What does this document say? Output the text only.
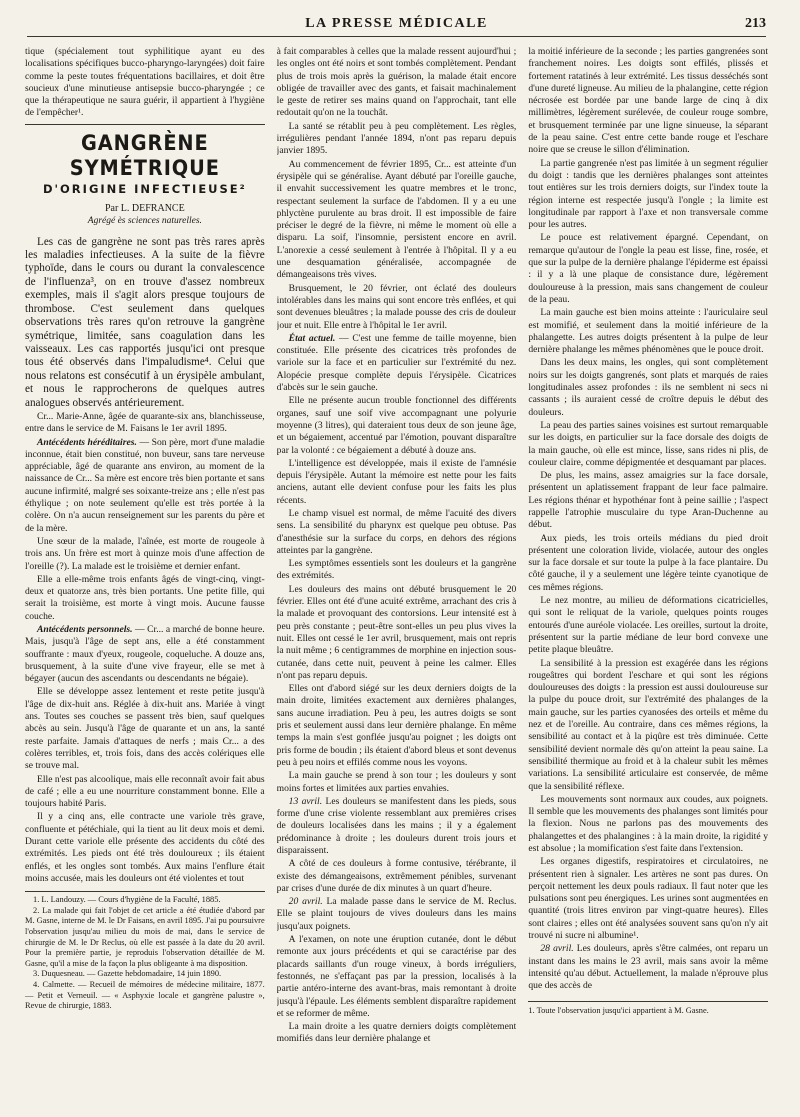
LA PRESSE MÉDICALE	213

tique (spécialement tout syphilitique ayant eu des localisations spécifiques bucco-pharyngo-laryngées) doit faire comme la peste toutes fréquentations bacillaires, et doit être soucieux d'une minutieuse antisepsie bucco-pharyngée ; ce que la thérapeutique ne saura guérir, il appartient à l'hygiène de l'empêcher¹.

GANGRÈNE SYMÉTRIQUE
D'ORIGINE INFECTIEUSE²
Par L. DEFRANCE
Agrégé ès sciences naturelles.

Les cas de gangrène ne sont pas très rares après les maladies infectieuses. A la suite de la fièvre typhoïde, dans le cours ou durant la convalescence de l'influenza³, on en trouve d'assez nombreux exemples, mais il s'agit alors presque toujours de thrombose. C'est seulement dans quelques observations très rares qu'on retrouve la gangrène symétrique, limitée, sans coagulation dans les vaisseaux. Les cas rapportés jusqu'ici ont presque tous été observés dans l'impaludisme⁴. Celui que nous relatons est consécutif à un érysipèle ambulant, et nous le rapprocherons de quelques autres analogues observés antérieurement.

Cr... Marie-Anne, âgée de quarante-six ans, blanchisseuse, entre dans le service de M. Faisans le 1er avril 1895.

Antécédents héréditaires. — Son père, mort d'une maladie inconnue, était bien constitué, non buveur, sans tare nerveuse appréciable, âgé de quarante ans environ, au moment de la naissance de Cr... Sa mère est encore très bien portante et sans aucune infirmité, malgré ses soixante-treize ans ; elle n'est pas éthylique ; on note seulement qu'elle est très portée à la colère. On n'a aucun renseignement sur les parents du père et de la mère.

Une sœur de la malade, l'aînée, est morte de rougeole à trois ans. Un frère est mort à quinze mois d'une affection de l'oreille (?). La malade est le troisième et dernier enfant.

Elle a elle-même trois enfants âgés de vingt-cinq, vingt-deux et quatorze ans, très bien portants. Une petite fille, qui serait la troisième, est morte à vingt mois. Aucune fausse couche.

Antécédents personnels. — Cr... a marché de bonne heure. Mais, jusqu'à l'âge de sept ans, elle a été constamment souffrante : maux d'yeux, rougeole, coqueluche. A douze ans, brusquement, à la suite d'une vive frayeur, elle se met à bégayer (aucun des ascendants ou descendants ne bégaie).

Elle se développe assez lentement et reste petite jusqu'à l'âge de dix-huit ans. Réglée à dix-huit ans. Mariée à vingt ans. Toutes ses couches se passent très bien, sauf quelques abcès au sein. Jusqu'à l'âge de quarante et un ans, la santé reste parfaite. Jamais d'attaques de nerfs ; mais Cr... a des colères terribles, et, trois fois, dans des accès colériques elle se trouve mal.

Elle n'est pas alcoolique, mais elle reconnaît avoir fait abus de café ; elle a eu une nourriture constamment bonne. Elle a toujours habité Paris.

Il y a cinq ans, elle contracte une variole très grave, confluente et pétéchiale, qui la tient au lit deux mois et demi. Durant cette variole elle présente des accidents du côté des extrémités. Les pieds ont été très douloureux ; ils étaient enflés, et les ongles sont tombés. Aux mains l'enflure était moins accusée, mais les douleurs ont été violentes et tout

1. L. Landouzy. — Cours d'hygiène de la Faculté, 1885.
2. La malade qui fait l'objet de cet article a été étudiée d'abord par M. Gasne, interne de M. le Dr Faisans, en avril 1895. J'ai pu poursuivre l'observation jusqu'au milieu du mois de mai, dans le service de chirurgie de M. le Dr Reclus, où elle est passée à la date du 20 avril. Pour la première partie, je reproduis l'observation détaillée de M. Gasne, qu'il a mise de la façon la plus obligeante à ma disposition.
3. Duquesneau. — Gazette hebdomadaire, 14 juin 1890.
4. Calmette. — Recueil de mémoires de médecine militaire, 1877. — Petit et Verneuil. — « Asphyxie locale et gangrène palustre », Revue de chirurgie, 1883.

à fait comparables à celles que la malade ressent aujourd'hui ; les ongles ont été noirs et sont tombés complètement. Pendant plus de trois mois après la guérison, la malade était encore obligée de travailler avec des gants, et faisait machinalement le geste de retirer ses mains quand on l'approchait, tant elle redoutait qu'on ne la touchât.

La santé se rétablit peu à peu complètement. Les règles, irrégulières pendant l'année 1894, n'ont pas reparu depuis janvier 1895.

Au commencement de février 1895, Cr... est atteinte d'un érysipèle qui se généralise. Ayant débuté par l'oreille gauche, il envahit successivement les quatre membres et le tronc, respectant seulement la surface de l'abdomen. Il y a eu une phlyctène purulente au bras droit. Il est impossible de faire préciser le degré de la fièvre, ni même le moment où elle a disparu. La soif, l'insomnie, persistent encore en avril. L'anorexie a cessé seulement à l'entrée à l'hôpital. Il y a eu une desquamation généralisée, accompagnée de démangeaisons très vives.

Brusquement, le 20 février, ont éclaté des douleurs intolérables dans les mains qui sont encore très enflées, et qui sont devenues bleuâtres ; la malade pousse des cris de douleur jour et nuit. Elle entre à l'hôpital le 1er avril.

État actuel. — C'est une femme de taille moyenne, bien constituée. Elle présente des cicatrices très profondes de variole sur la face et en particulier sur l'extrémité du nez. Alopécie presque complète depuis l'érysipèle. Cicatrices d'abcès sur le sein gauche.

Elle ne présente aucun trouble fonctionnel des différents organes, sauf une soif vive accompagnant une polyurie moyenne (3 litres), qui dateraient tous deux de son jeune âge, et un bégaiement, accentué par l'émotion, pouvant disparaître par la volonté : ce bégaiement a débuté à douze ans.

L'intelligence est développée, mais il existe de l'amnésie depuis l'érysipèle. Autant la mémoire est nette pour les faits anciens, autant elle devient confuse pour les faits les plus récents.

Le champ visuel est normal, de même l'acuité des divers sens. La sensibilité du pharynx est quelque peu obtuse. Pas d'anesthésie sur la surface du corps, en dehors des régions atteintes par la gangrène.

Les symptômes essentiels sont les douleurs et la gangrène des extrémités.

Les douleurs des mains ont débuté brusquement le 20 février. Elles ont été d'une acuité extrême, arrachant des cris à la malade et provoquant des contorsions. Leur intensité est à peu près constante ; peut-être sont-elles un peu plus vives la nuit. Elles ont cessé le 1er avril, brusquement, mais ont repris la nuit même ; 6 centigrammes de morphine en injection sous-cutanée, dans cette nuit, peuvent à peine les calmer. Elles n'ont pas reparu depuis.

Elles ont d'abord siégé sur les deux derniers doigts de la main droite, limitées exactement aux dernières phalanges, sans aucune irradiation. Peu à peu, les autres doigts se sont pris et seulement aussi dans leur dernière phalange. En même temps la main s'est gonflée jusqu'au poignet ; les doigts ont pris forme de boudin ; ils étaient d'abord bleus et sont devenus peu à peu noirs et effilés comme nous les voyons.

La main gauche se prend à son tour ; les douleurs y sont moins fortes et limitées aux parties envahies.

13 avril. Les douleurs se manifestent dans les pieds, sous forme d'une crise violente ressemblant aux premières crises de douleurs localisées dans les mains ; il y a également prédominance à droite ; les douleurs durent trois jours et disparaissent.

A côté de ces douleurs à forme contusive, térébrante, il existe des démangeaisons, extrêmement pénibles, survenant par crises d'une durée de dix minutes à un quart d'heure.

20 avril. La malade passe dans le service de M. Reclus. Elle se plaint toujours de vives douleurs dans les mains jusqu'aux poignets.

A l'examen, on note une éruption cutanée, dont le début remonte aux jours précédents et qui se caractérise par des placards saillants d'un rouge vineux, à bords irréguliers, festonnés, ne s'effaçant pas par la pression, localisés à la partie antéro-interne des avant-bras, mais remontant à droite jusqu'à l'épaule. Les éléments semblent disparaître rapidement et se reformer de même.

La main droite a les quatre derniers doigts complètement momifiés dans leur dernière phalange et

la moitié inférieure de la seconde ; les parties gangrenées sont franchement noires. Les doigts sont effilés, plissés et fortement ratatinés à leur extrémité. Les tissus desséchés sont d'une dureté ligneuse. Au milieu de la phalangine, cette région nécrosée est bordée par une bande large de cinq à dix millimètres, légèrement surélevée, de couleur rouge sombre, et brusquement terminée par une ligne sinueuse, la séparant de la peau saine. C'est entre cette bande rouge et l'eschare noire que se creuse le sillon d'élimination.

La partie gangrenée n'est pas limitée à un segment régulier du doigt : tandis que les dernières phalanges sont atteintes tout entières sur les trois derniers doigts, sur l'index toute la région interne est respectée jusqu'à l'ongle ; la limite est longitudinale par rapport à l'axe et non transversale comme pour les autres.

Le pouce est relativement épargné. Cependant, on remarque qu'autour de l'ongle la peau est lisse, fine, rosée, et que sur la pulpe de la dernière phalange l'épiderme est épaissi : il y a là une plaque de consistance dure, légèrement douloureuse à la pression, mais sans changement de couleur de la peau.

La main gauche est bien moins atteinte : l'auriculaire seul est momifié, et seulement dans la moitié inférieure de la phalangette. Les autres doigts présentent à la pulpe de leur dernière phalange les mêmes phénomènes que le pouce droit.

Dans les deux mains, les ongles, qui sont complètement noirs sur les doigts gangrenés, sont plats et marqués de raies longitudinales assez profondes : ils ne semblent ni secs ni cassants ; ils auraient cessé de croître depuis le début des douleurs.

La peau des parties saines voisines est surtout remarquable sur les doigts, en particulier sur la face dorsale des doigts de la main gauche, où elle est mince, lisse, sans rides ni plis, de couleur claire, comme dépigmentée et desquamant par places.

De plus, les mains, assez amaigries sur la face dorsale, présentent un aplatissement frappant de leur face palmaire. Les régions thénar et hypothénar font à peine saillie ; l'aspect rappelle l'atrophie musculaire du type Aran-Duchenne au début.

Aux pieds, les trois orteils médians du pied droit présentent une coloration livide, violacée, autour des ongles sur la face dorsale et sur toute la pulpe à la face plantaire. Du côté gauche, il y a seulement une légère teinte cyanotique de ces mêmes régions.

Le nez montre, au milieu de déformations cicatricielles, qui sont le reliquat de la variole, quelques points rouges entourés d'une auréole violacée. Les oreilles, surtout la droite, présentent sur la partie médiane de leur bord convexe une petite plaque bleuâtre.

La sensibilité à la pression est exagérée dans les régions rougeâtres qui bordent l'eschare et qui sont les régions douloureuses des doigts : la pression est aussi douloureuse sur la pulpe du pouce droit, sur l'extrémité des phalanges de la main gauche, sur les parties cyanosées des orteils et même du nez et de l'oreille. Au contraire, dans ces mêmes régions, la sensibilité au contact et à la piqûre est très diminuée. Cette sensibilité devient normale dès qu'on atteint la peau saine. La sensibilité thermique au froid et à la chaleur subit les mêmes variations. La sensibilité articulaire est conservée, de même que la sensibilité réflexe.

Les mouvements sont normaux aux coudes, aux poignets. Il semble que les mouvements des phalanges sont limités pour la flexion. Nous ne parlons pas des mouvements des phalangettes et des phalangines : à la main droite, la rigidité y est absolue ; la momification s'est faite dans l'extension.

Les organes digestifs, respiratoires et circulatoires, ne présentent rien à signaler. Les artères ne sont pas dures. On perçoit nettement les deux pouls radiaux. Il faut noter que les pulsations sont peu énergiques. Les urines sont augmentées en quantité (trois litres environ par vingt-quatre heures). Elles sont claires ; elles ont été analysées souvent sans qu'on n'y ait trouvé ni sucre ni albumine¹.

28 avril. Les douleurs, après s'être calmées, ont reparu un instant dans les mains le 23 avril, mais sans avoir la même intensité qu'au début. Actuellement, la malade n'éprouve plus que des accès de

1. Toute l'observation jusqu'ici appartient à M. Gasne.
